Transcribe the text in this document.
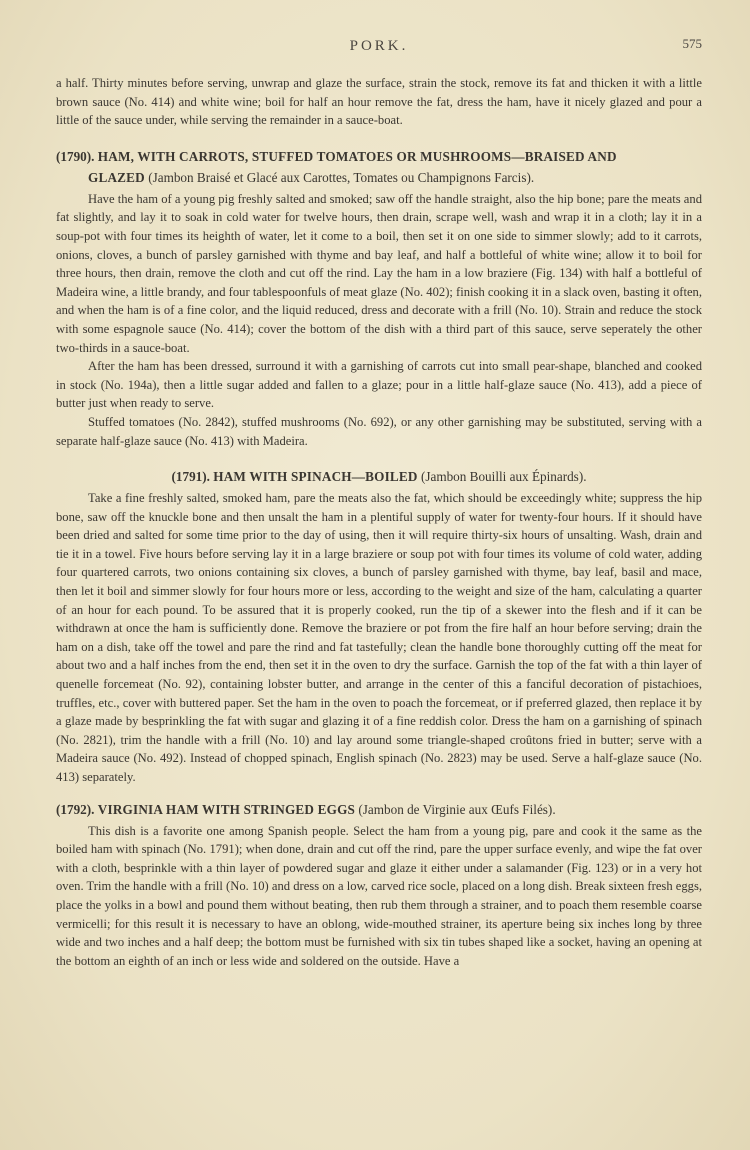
PORK.	575

a half. Thirty minutes before serving, unwrap and glaze the surface, strain the stock, remove its fat and thicken it with a little brown sauce (No. 414) and white wine; boil for half an hour remove the fat, dress the ham, have it nicely glazed and pour a little of the sauce under, while serving the remainder in a sauce-boat.

(1790). HAM, WITH CARROTS, STUFFED TOMATOES OR MUSHROOMS—BRAISED AND
GLAZED (Jambon Braisé et Glacé aux Carottes, Tomates ou Champignons Farcis).

Have the ham of a young pig freshly salted and smoked; saw off the handle straight, also the hip bone; pare the meats and fat slightly, and lay it to soak in cold water for twelve hours, then drain, scrape well, wash and wrap it in a cloth; lay it in a soup-pot with four times its heighth of water, let it come to a boil, then set it on one side to simmer slowly; add to it carrots, onions, cloves, a bunch of parsley garnished with thyme and bay leaf, and half a bottleful of white wine; allow it to boil for three hours, then drain, remove the cloth and cut off the rind. Lay the ham in a low braziere (Fig. 134) with half a bottleful of Madeira wine, a little brandy, and four tablespoonfuls of meat glaze (No. 402); finish cooking it in a slack oven, basting it often, and when the ham is of a fine color, and the liquid reduced, dress and decorate with a frill (No. 10). Strain and reduce the stock with some espagnole sauce (No. 414); cover the bottom of the dish with a third part of this sauce, serve seperately the other two-thirds in a sauce-boat.

After the ham has been dressed, surround it with a garnishing of carrots cut into small pear-shape, blanched and cooked in stock (No. 194a), then a little sugar added and fallen to a glaze; pour in a little half-glaze sauce (No. 413), add a piece of butter just when ready to serve.

Stuffed tomatoes (No. 2842), stuffed mushrooms (No. 692), or any other garnishing may be substituted, serving with a separate half-glaze sauce (No. 413) with Madeira.

(1791). HAM WITH SPINACH—BOILED (Jambon Bouilli aux Épinards).

Take a fine freshly salted, smoked ham, pare the meats also the fat, which should be exceedingly white; suppress the hip bone, saw off the knuckle bone and then unsalt the ham in a plentiful supply of water for twenty-four hours. If it should have been dried and salted for some time prior to the day of using, then it will require thirty-six hours of unsalting. Wash, drain and tie it in a towel. Five hours before serving lay it in a large braziere or soup pot with four times its volume of cold water, adding four quartered carrots, two onions containing six cloves, a bunch of parsley garnished with thyme, bay leaf, basil and mace, then let it boil and simmer slowly for four hours more or less, according to the weight and size of the ham, calculating a quarter of an hour for each pound. To be assured that it is properly cooked, run the tip of a skewer into the flesh and if it can be withdrawn at once the ham is sufficiently done. Remove the braziere or pot from the fire half an hour before serving; drain the ham on a dish, take off the towel and pare the rind and fat tastefully; clean the handle bone thoroughly cutting off the meat for about two and a half inches from the end, then set it in the oven to dry the surface. Garnish the top of the fat with a thin layer of quenelle forcemeat (No. 92), containing lobster butter, and arrange in the center of this a fanciful decoration of pistachioes, truffles, etc., cover with buttered paper. Set the ham in the oven to poach the forcemeat, or if preferred glazed, then replace it by a glaze made by besprinkling the fat with sugar and glazing it of a fine reddish color. Dress the ham on a garnishing of spinach (No. 2821), trim the handle with a frill (No. 10) and lay around some triangle-shaped croûtons fried in butter; serve with a Madeira sauce (No. 492). Instead of chopped spinach, English spinach (No. 2823) may be used. Serve a half-glaze sauce (No. 413) separately.

(1792). VIRGINIA HAM WITH STRINGED EGGS (Jambon de Virginie aux Œufs Filés).

This dish is a favorite one among Spanish people. Select the ham from a young pig, pare and cook it the same as the boiled ham with spinach (No. 1791); when done, drain and cut off the rind, pare the upper surface evenly, and wipe the fat over with a cloth, besprinkle with a thin layer of powdered sugar and glaze it either under a salamander (Fig. 123) or in a very hot oven. Trim the handle with a frill (No. 10) and dress on a low, carved rice socle, placed on a long dish. Break sixteen fresh eggs, place the yolks in a bowl and pound them without beating, then rub them through a strainer, and to poach them resemble coarse vermicelli; for this result it is necessary to have an oblong, wide-mouthed strainer, its aperture being six inches long by three wide and two inches and a half deep; the bottom must be furnished with six tin tubes shaped like a socket, having an opening at the bottom an eighth of an inch or less wide and soldered on the outside. Have a
